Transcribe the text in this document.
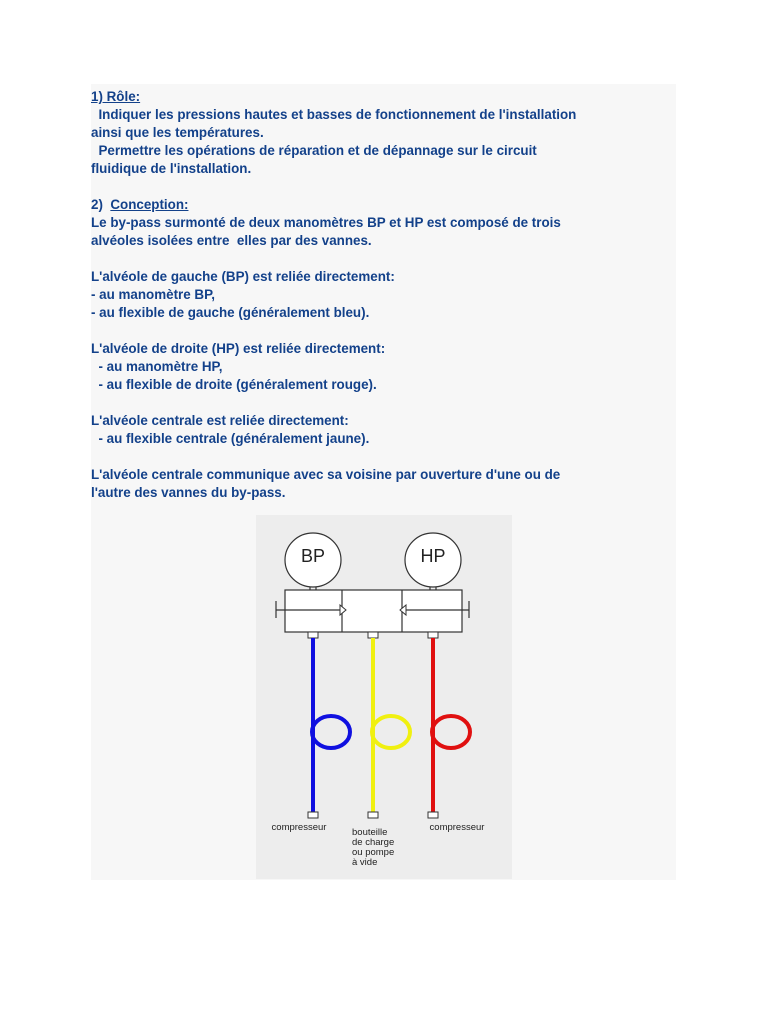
1) Rôle:

Indiquer les pressions hautes et basses de fonctionnement de l'installation

ainsi que les températures.

Permettre les opérations de réparation et de dépannage sur le circuit

fluidique de l'installation.

2)  Conception:

Le by-pass surmonté de deux manomètres BP et HP est composé de trois

alvéoles isolées entre  elles par des vannes.

L'alvéole de gauche (BP) est reliée directement:

- au manomètre BP,

- au flexible de gauche (généralement bleu).

L'alvéole de droite (HP) est reliée directement:

- au manomètre HP,

- au flexible de droite (généralement rouge).

L'alvéole centrale est reliée directement:

- au flexible centrale (généralement jaune).

L'alvéole centrale communique avec sa voisine par ouverture d'une ou de

l'autre des vannes du by-pass.

BP	HP
compresseur	bouteille
de charge
ou pompe
à vide
compresseur
